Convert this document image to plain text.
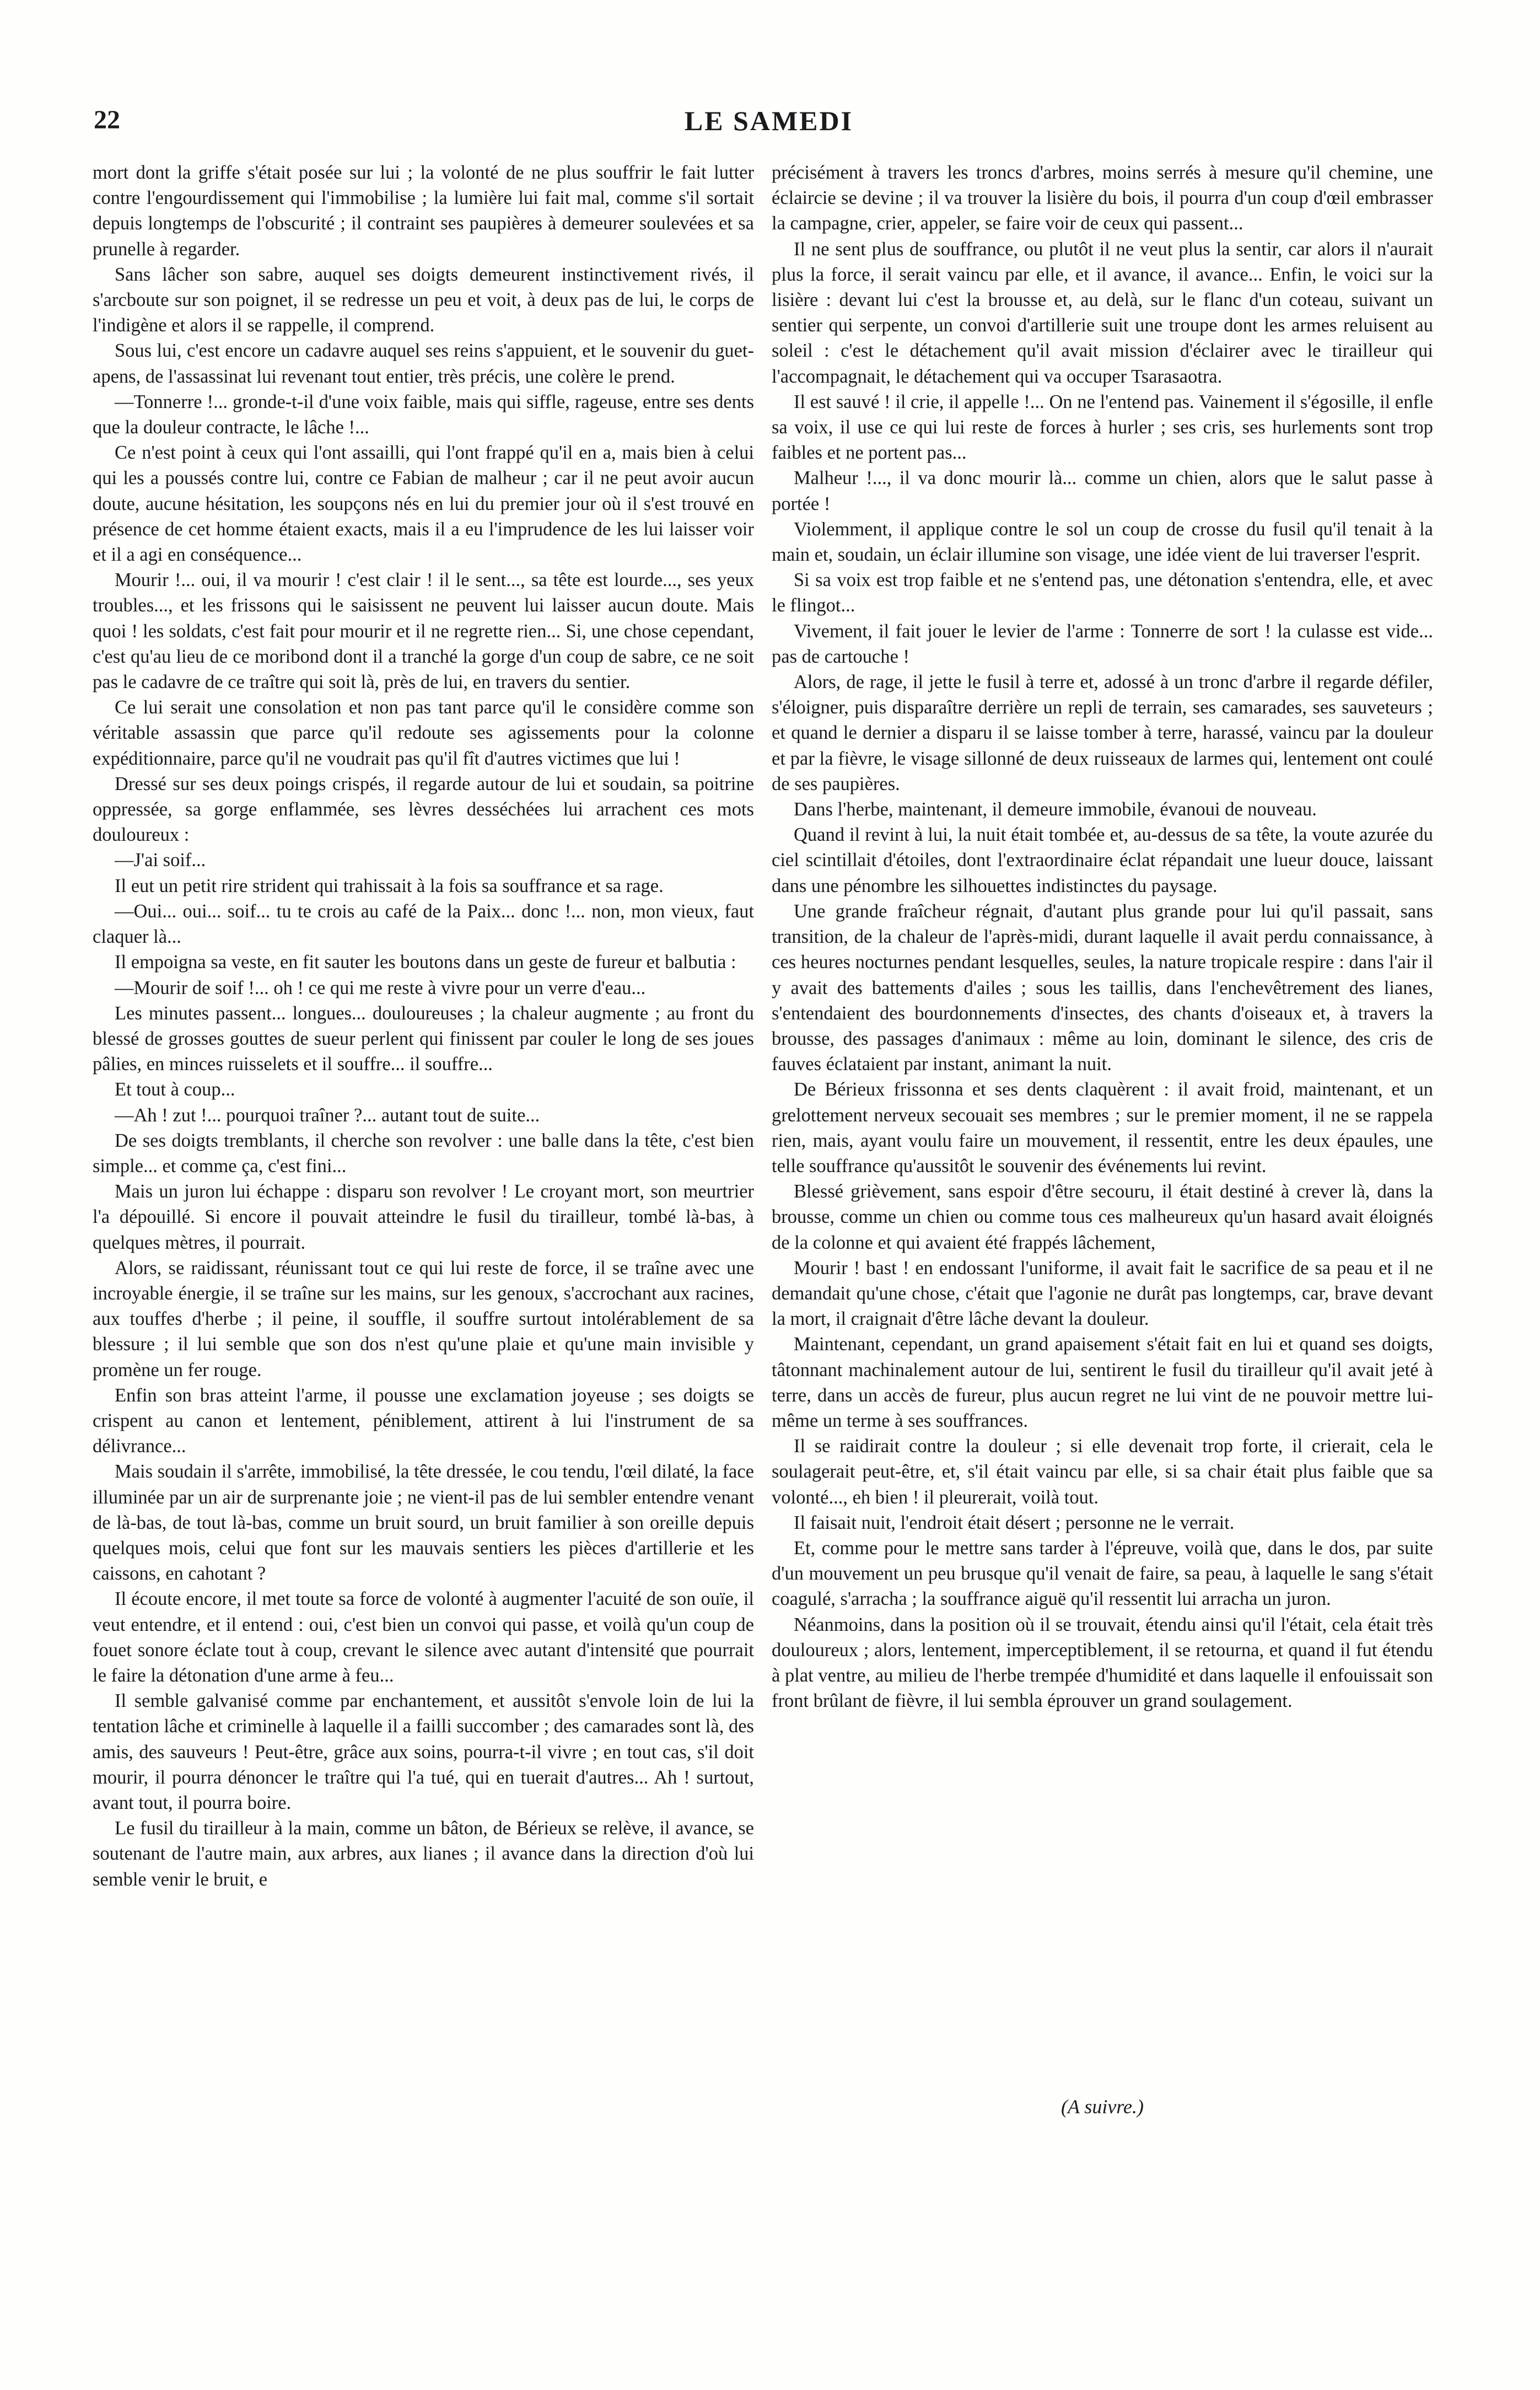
LE SAMEDI
22

mort dont la griffe s'était posée sur lui ; la volonté de ne plus souffrir le fait lutter contre l'engourdissement qui l'immobilise ; la lumière lui fait mal, comme s'il sortait depuis longtemps de l'obscurité ; il contraint ses paupières à demeurer soulevées et sa prunelle à regarder.

Sans lâcher son sabre, auquel ses doigts demeurent instinctivement rivés, il s'arcboute sur son poignet, il se redresse un peu et voit, à deux pas de lui, le corps de l'indigène et alors il se rappelle, il comprend.

Sous lui, c'est encore un cadavre auquel ses reins s'appuient, et le souvenir du guet-apens, de l'assassinat lui revenant tout entier, très précis, une colère le prend.

—Tonnerre !... gronde-t-il d'une voix faible, mais qui siffle, rageuse, entre ses dents que la douleur contracte, le lâche !...

Ce n'est point à ceux qui l'ont assailli, qui l'ont frappé qu'il en a, mais bien à celui qui les a poussés contre lui, contre ce Fabian de malheur ; car il ne peut avoir aucun doute, aucune hésitation, les soupçons nés en lui du premier jour où il s'est trouvé en présence de cet homme étaient exacts, mais il a eu l'imprudence de les lui laisser voir et il a agi en conséquence...

Mourir !... oui, il va mourir ! c'est clair ! il le sent..., sa tête est lourde..., ses yeux troubles..., et les frissons qui le saisissent ne peuvent lui laisser aucun doute. Mais quoi ! les soldats, c'est fait pour mourir et il ne regrette rien... Si, une chose cependant, c'est qu'au lieu de ce moribond dont il a tranché la gorge d'un coup de sabre, ce ne soit pas le cadavre de ce traître qui soit là, près de lui, en travers du sentier.

Ce lui serait une consolation et non pas tant parce qu'il le considère comme son véritable assassin que parce qu'il redoute ses agissements pour la colonne expéditionnaire, parce qu'il ne voudrait pas qu'il fît d'autres victimes que lui !

Dressé sur ses deux poings crispés, il regarde autour de lui et soudain, sa poitrine oppressée, sa gorge enflammée, ses lèvres desséchées lui arrachent ces mots douloureux :

—J'ai soif...

Il eut un petit rire strident qui trahissait à la fois sa souffrance et sa rage.

—Oui... oui... soif... tu te crois au café de la Paix... donc !... non, mon vieux, faut claquer là...

Il empoigna sa veste, en fit sauter les boutons dans un geste de fureur et balbutia :

—Mourir de soif !... oh ! ce qui me reste à vivre pour un verre d'eau...

Les minutes passent... longues... douloureuses ; la chaleur augmente ; au front du blessé de grosses gouttes de sueur perlent qui finissent par couler le long de ses joues pâlies, en minces ruisselets et il souffre... il souffre...

Et tout à coup...

—Ah ! zut !... pourquoi traîner ?... autant tout de suite...

De ses doigts tremblants, il cherche son revolver : une balle dans la tête, c'est bien simple... et comme ça, c'est fini...

Mais un juron lui échappe : disparu son revolver ! Le croyant mort, son meurtrier l'a dépouillé. Si encore il pouvait atteindre le fusil du tirailleur, tombé là-bas, à quelques mètres, il pourrait.

Alors, se raidissant, réunissant tout ce qui lui reste de force, il se traîne avec une incroyable énergie, il se traîne sur les mains, sur les genoux, s'accrochant aux racines, aux touffes d'herbe ; il peine, il souffle, il souffre surtout intolérablement de sa blessure ; il lui semble que son dos n'est qu'une plaie et qu'une main invisible y promène un fer rouge.

Enfin son bras atteint l'arme, il pousse une exclamation joyeuse ; ses doigts se crispent au canon et lentement, péniblement, attirent à lui l'instrument de sa délivrance...

Mais soudain il s'arrête, immobilisé, la tête dressée, le cou tendu, l'œil dilaté, la face illuminée par un air de surprenante joie ; ne vient-il pas de lui sembler entendre venant de là-bas, de tout là-bas, comme un bruit sourd, un bruit familier à son oreille depuis quelques mois, celui que font sur les mauvais sentiers les pièces d'artillerie et les caissons, en cahotant ?

Il écoute encore, il met toute sa force de volonté à augmenter l'acuité de son ouïe, il veut entendre, et il entend : oui, c'est bien un convoi qui passe, et voilà qu'un coup de fouet sonore éclate tout à coup, crevant le silence avec autant d'intensité que pourrait le faire la détonation d'une arme à feu...

Il semble galvanisé comme par enchantement, et aussitôt s'envole loin de lui la tentation lâche et criminelle à laquelle il a failli succomber ; des camarades sont là, des amis, des sauveurs ! Peut-être, grâce aux soins, pourra-t-il vivre ; en tout cas, s'il doit mourir, il pourra dénoncer le traître qui l'a tué, qui en tuerait d'autres... Ah ! surtout, avant tout, il pourra boire.

Le fusil du tirailleur à la main, comme un bâton, de Bérieux se relève, il avance, se soutenant de l'autre main, aux arbres, aux lianes ; il avance dans la direction d'où lui semble venir le bruit, e

précisément à travers les troncs d'arbres, moins serrés à mesure qu'il chemine, une éclaircie se devine ; il va trouver la lisière du bois, il pourra d'un coup d'œil embrasser la campagne, crier, appeler, se faire voir de ceux qui passent...

Il ne sent plus de souffrance, ou plutôt il ne veut plus la sentir, car alors il n'aurait plus la force, il serait vaincu par elle, et il avance, il avance... Enfin, le voici sur la lisière : devant lui c'est la brousse et, au delà, sur le flanc d'un coteau, suivant un sentier qui serpente, un convoi d'artillerie suit une troupe dont les armes reluisent au soleil : c'est le détachement qu'il avait mission d'éclairer avec le tirailleur qui l'accompagnait, le détachement qui va occuper Tsarasaotra.

Il est sauvé ! il crie, il appelle !... On ne l'entend pas. Vainement il s'égosille, il enfle sa voix, il use ce qui lui reste de forces à hurler ; ses cris, ses hurlements sont trop faibles et ne portent pas...

Malheur !..., il va donc mourir là... comme un chien, alors que le salut passe à portée !

Violemment, il applique contre le sol un coup de crosse du fusil qu'il tenait à la main et, soudain, un éclair illumine son visage, une idée vient de lui traverser l'esprit.

Si sa voix est trop faible et ne s'entend pas, une détonation s'entendra, elle, et avec le flingot...

Vivement, il fait jouer le levier de l'arme : Tonnerre de sort ! la culasse est vide... pas de cartouche !

Alors, de rage, il jette le fusil à terre et, adossé à un tronc d'arbre il regarde défiler, s'éloigner, puis disparaître derrière un repli de terrain, ses camarades, ses sauveteurs ; et quand le dernier a disparu il se laisse tomber à terre, harassé, vaincu par la douleur et par la fièvre, le visage sillonné de deux ruisseaux de larmes qui, lentement ont coulé de ses paupières.

Dans l'herbe, maintenant, il demeure immobile, évanoui de nouveau.

Quand il revint à lui, la nuit était tombée et, au-dessus de sa tête, la voute azurée du ciel scintillait d'étoiles, dont l'extraordinaire éclat répandait une lueur douce, laissant dans une pénombre les silhouettes indistinctes du paysage.

Une grande fraîcheur régnait, d'autant plus grande pour lui qu'il passait, sans transition, de la chaleur de l'après-midi, durant laquelle il avait perdu connaissance, à ces heures nocturnes pendant lesquelles, seules, la nature tropicale respire : dans l'air il y avait des battements d'ailes ; sous les taillis, dans l'enchevêtrement des lianes, s'entendaient des bourdonnements d'insectes, des chants d'oiseaux et, à travers la brousse, des passages d'animaux : même au loin, dominant le silence, des cris de fauves éclataient par instant, animant la nuit.

De Bérieux frissonna et ses dents claquèrent : il avait froid, maintenant, et un grelottement nerveux secouait ses membres ; sur le premier moment, il ne se rappela rien, mais, ayant voulu faire un mouvement, il ressentit, entre les deux épaules, une telle souffrance qu'aussitôt le souvenir des événements lui revint.

Blessé grièvement, sans espoir d'être secouru, il était destiné à crever là, dans la brousse, comme un chien ou comme tous ces malheureux qu'un hasard avait éloignés de la colonne et qui avaient été frappés lâchement,

Mourir ! bast ! en endossant l'uniforme, il avait fait le sacrifice de sa peau et il ne demandait qu'une chose, c'était que l'agonie ne durât pas longtemps, car, brave devant la mort, il craignait d'être lâche devant la douleur.

Maintenant, cependant, un grand apaisement s'était fait en lui et quand ses doigts, tâtonnant machinalement autour de lui, sentirent le fusil du tirailleur qu'il avait jeté à terre, dans un accès de fureur, plus aucun regret ne lui vint de ne pouvoir mettre lui-même un terme à ses souffrances.

Il se raidirait contre la douleur ; si elle devenait trop forte, il crierait, cela le soulagerait peut-être, et, s'il était vaincu par elle, si sa chair était plus faible que sa volonté..., eh bien ! il pleurerait, voilà tout.

Il faisait nuit, l'endroit était désert ; personne ne le verrait.

Et, comme pour le mettre sans tarder à l'épreuve, voilà que, dans le dos, par suite d'un mouvement un peu brusque qu'il venait de faire, sa peau, à laquelle le sang s'était coagulé, s'arracha ; la souffrance aiguë qu'il ressentit lui arracha un juron.

Néanmoins, dans la position où il se trouvait, étendu ainsi qu'il l'était, cela était très douloureux ; alors, lentement, imperceptiblement, il se retourna, et quand il fut étendu à plat ventre, au milieu de l'herbe trempée d'humidité et dans laquelle il enfouissait son front brûlant de fièvre, il lui sembla éprouver un grand soulagement.

(A suivre.)
